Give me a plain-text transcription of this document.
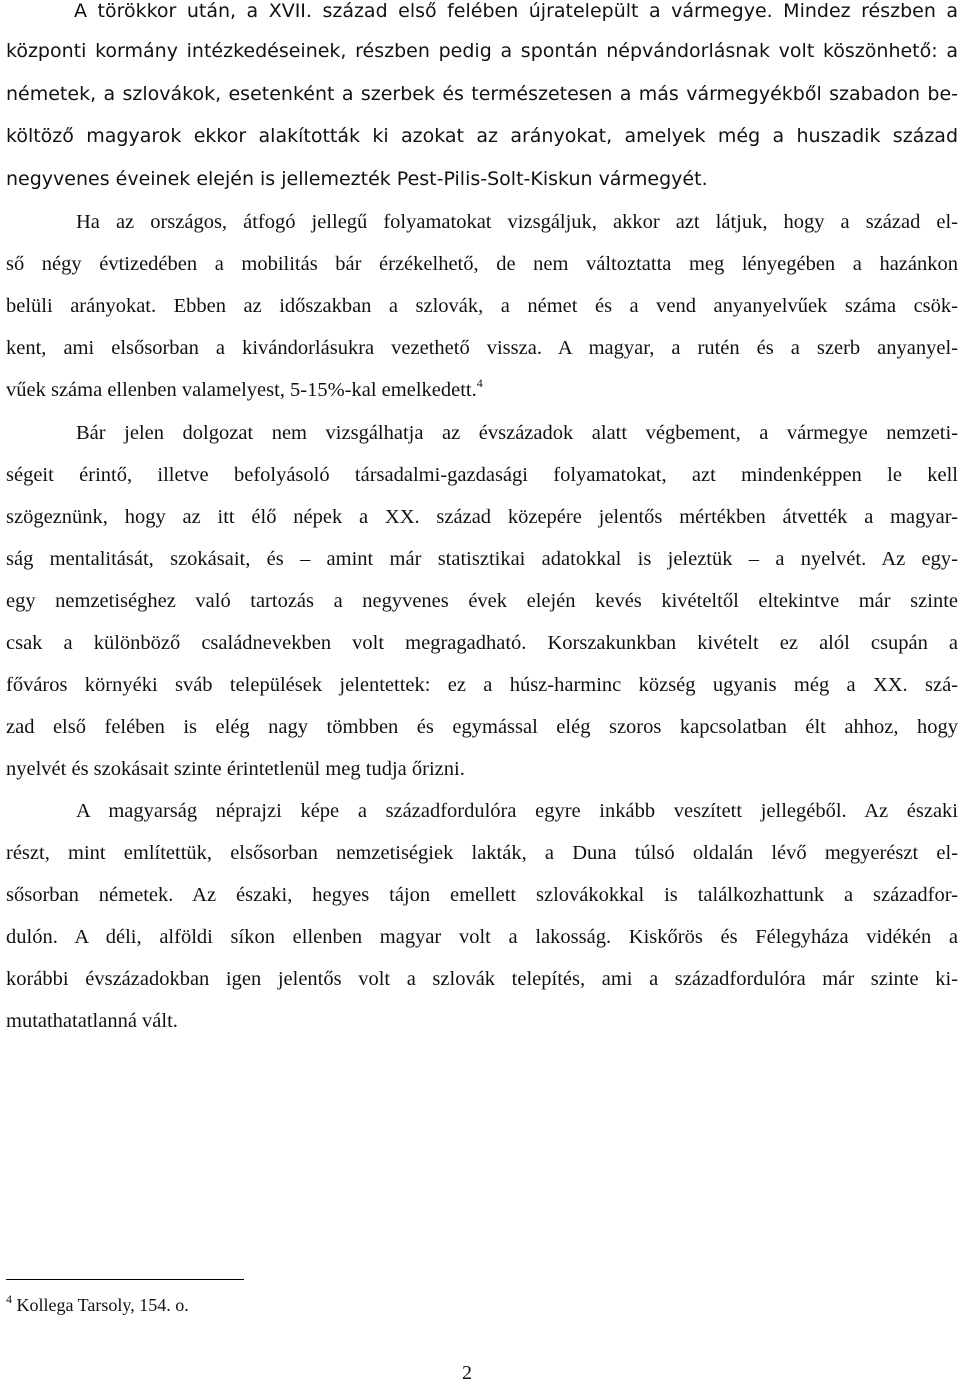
A törökkor után, a XVII. század első felében újratelepült a vármegye. Mindez részben a
központi kormány intézkedéseinek, részben pedig a spontán népvándorlásnak volt köszönhető: a
németek, a szlovákok, esetenként a szerbek és természetesen a más vármegyékből szabadon be-
költöző magyarok ekkor alakították ki azokat az arányokat, amelyek még a huszadik század
negyvenes éveinek elején is jellemezték Pest-Pilis-Solt-Kiskun vármegyét.
Ha az országos, átfogó jellegű folyamatokat vizsgáljuk, akkor azt látjuk, hogy a század el-
ső négy évtizedében a mobilitás bár érzékelhető, de nem változtatta meg lényegében a hazánkon
belüli arányokat. Ebben az időszakban a szlovák, a német és a vend anyanyelvűek száma csök-
kent, ami elsősorban a kivándorlásukra vezethető vissza. A magyar, a rutén és a szerb anyanyel-
vűek száma ellenben valamelyest, 5-15%-kal emelkedett.$^4$
Bár jelen dolgozat nem vizsgálhatja az évszázadok alatt végbement, a vármegye nemzeti-
ségeit érintő, illetve befolyásoló társadalmi-gazdasági folyamatokat, azt mindenképpen le kell
szögeznünk, hogy az itt élő népek a XX. század közepére jelentős mértékben átvették a magyar-
ság mentalitását, szokásait, és – amint már statisztikai adatokkal is jeleztük – a nyelvét. Az egy-
egy nemzetiséghez való tartozás a negyvenes évek elején kevés kivételtől eltekintve már szinte
csak a különböző családnevekben volt megragadható. Korszakunkban kivételt ez alól csupán a
főváros környéki sváb települések jelentettek: ez a húsz-harminc község ugyanis még a XX. szá-
zad első felében is elég nagy tömbben és egymással elég szoros kapcsolatban élt ahhoz, hogy
nyelvét és szokásait szinte érintetlenül meg tudja őrizni.
A magyarság néprajzi képe a századfordulóra egyre inkább veszített jellegéből. Az északi
részt, mint említettük, elsősorban nemzetiségiek lakták, a Duna túlsó oldalán lévő megyerészt el-
sősorban németek. Az északi, hegyes tájon emellett szlovákokkal is találkozhattunk a századfor-
dulón. A déli, alföldi síkon ellenben magyar volt a lakosság. Kiskőrös és Félegyháza vidékén a
korábbi évszázadokban igen jelentős volt a szlovák telepítés, ami a századfordulóra már szinte ki-
mutathatatlanná vált.
$^4$ Kollega Tarsoly, 154. o.
2
